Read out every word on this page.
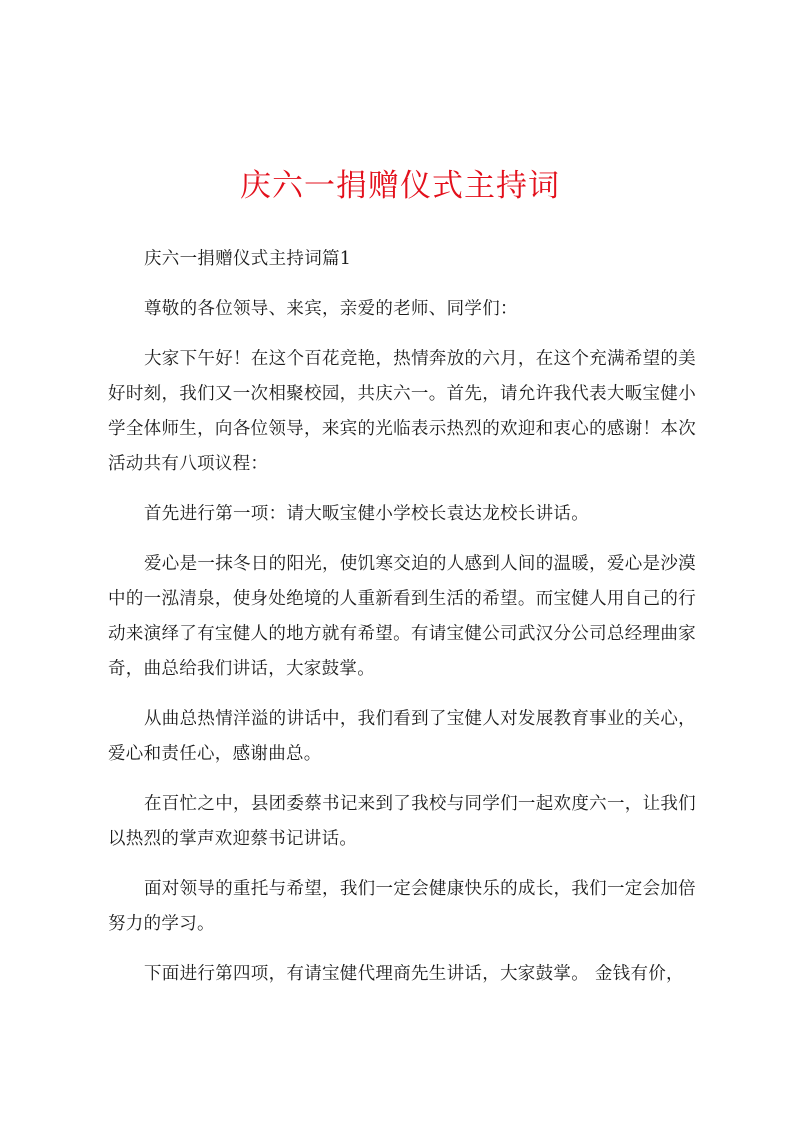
庆六一捐赠仪式主持词

庆六一捐赠仪式主持词篇1

尊敬的各位领导、来宾，亲爱的老师、同学们：

大家下午好！在这个百花竞艳，热情奔放的六月，在这个充满希望的美好时刻，我们又一次相聚校园，共庆六一。首先，请允许我代表大畈宝健小学全体师生，向各位领导，来宾的光临表示热烈的欢迎和衷心的感谢！本次活动共有八项议程：

首先进行第一项：请大畈宝健小学校长袁达龙校长讲话。

爱心是一抹冬日的阳光，使饥寒交迫的人感到人间的温暖，爱心是沙漠中的一泓清泉，使身处绝境的人重新看到生活的希望。而宝健人用自己的行动来演绎了有宝健人的地方就有希望。有请宝健公司武汉分公司总经理曲家奇，曲总给我们讲话，大家鼓掌。

从曲总热情洋溢的讲话中，我们看到了宝健人对发展教育事业的关心，爱心和责任心，感谢曲总。

在百忙之中，县团委蔡书记来到了我校与同学们一起欢度六一，让我们以热烈的掌声欢迎蔡书记讲话。

面对领导的重托与希望，我们一定会健康快乐的成长，我们一定会加倍努力的学习。

下面进行第四项，有请宝健代理商先生讲话，大家鼓掌。 金钱有价，
